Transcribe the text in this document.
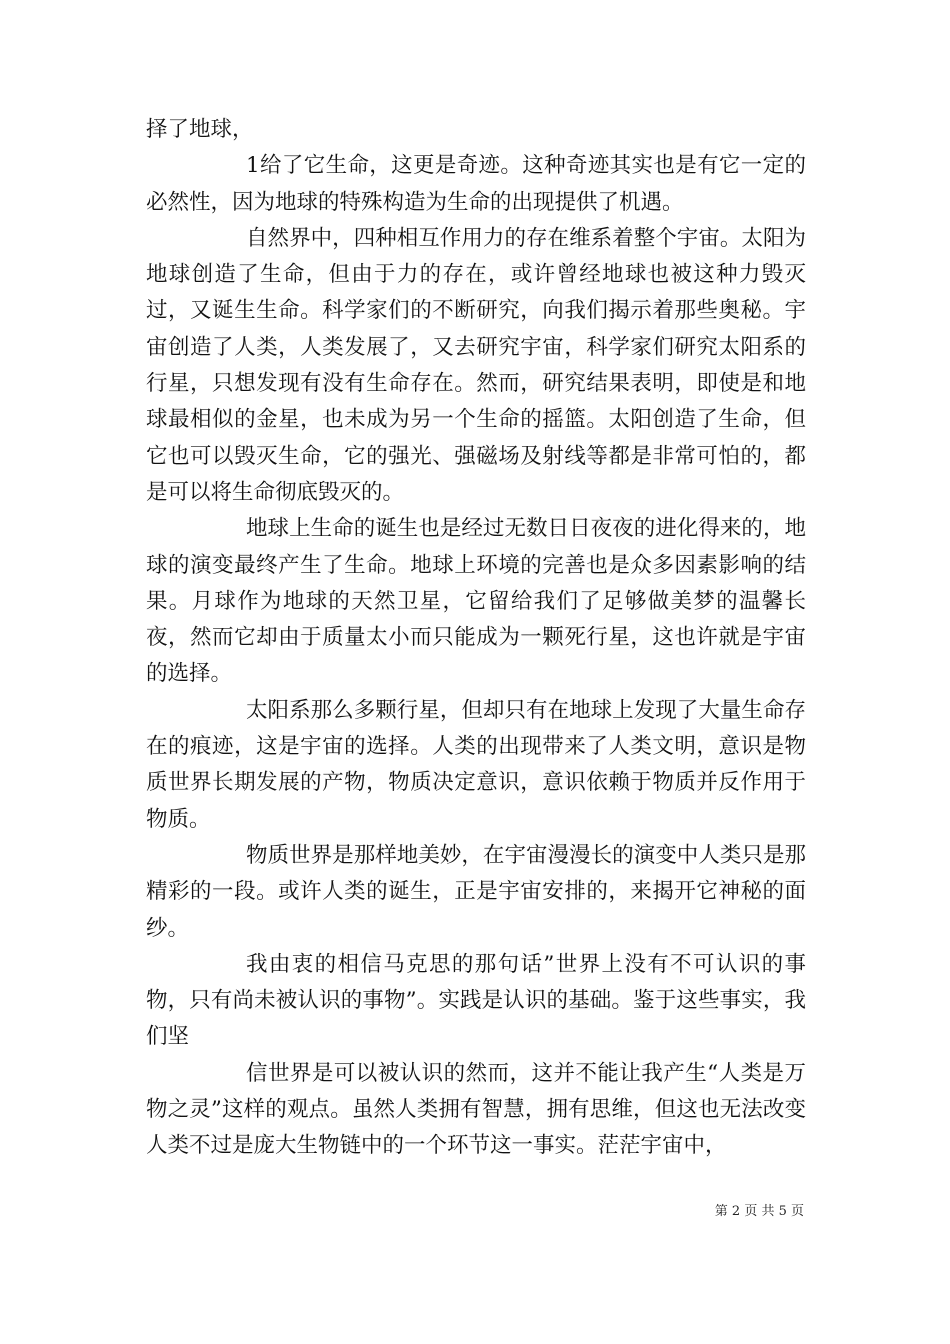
择了地球，

1给了它生命，这更是奇迹。这种奇迹其实也是有它一定的必然性，因为地球的特殊构造为生命的出现提供了机遇。

自然界中，四种相互作用力的存在维系着整个宇宙。太阳为地球创造了生命，但由于力的存在，或许曾经地球也被这种力毁灭过，又诞生生命。科学家们的不断研究，向我们揭示着那些奥秘。宇宙创造了人类，人类发展了，又去研究宇宙，科学家们研究太阳系的行星，只想发现有没有生命存在。然而，研究结果表明，即使是和地球最相似的金星，也未成为另一个生命的摇篮。太阳创造了生命，但它也可以毁灭生命，它的强光、强磁场及射线等都是非常可怕的，都是可以将生命彻底毁灭的。

地球上生命的诞生也是经过无数日日夜夜的进化得来的，地球的演变最终产生了生命。地球上环境的完善也是众多因素影响的结果。月球作为地球的天然卫星，它留给我们了足够做美梦的温馨长夜，然而它却由于质量太小而只能成为一颗死行星，这也许就是宇宙的选择。

太阳系那么多颗行星，但却只有在地球上发现了大量生命存在的痕迹，这是宇宙的选择。人类的出现带来了人类文明，意识是物质世界长期发展的产物，物质决定意识，意识依赖于物质并反作用于物质。

物质世界是那样地美妙，在宇宙漫漫长的演变中人类只是那精彩的一段。或许人类的诞生，正是宇宙安排的，来揭开它神秘的面纱。

我由衷的相信马克思的那句话”世界上没有不可认识的事物，只有尚未被认识的事物”。实践是认识的基础。鉴于这些事实，我们坚

信世界是可以被认识的然而，这并不能让我产生“人类是万物之灵”这样的观点。虽然人类拥有智慧，拥有思维，但这也无法改变人类不过是庞大生物链中的一个环节这一事实。茫茫宇宙中，

第 2 页 共 5 页
